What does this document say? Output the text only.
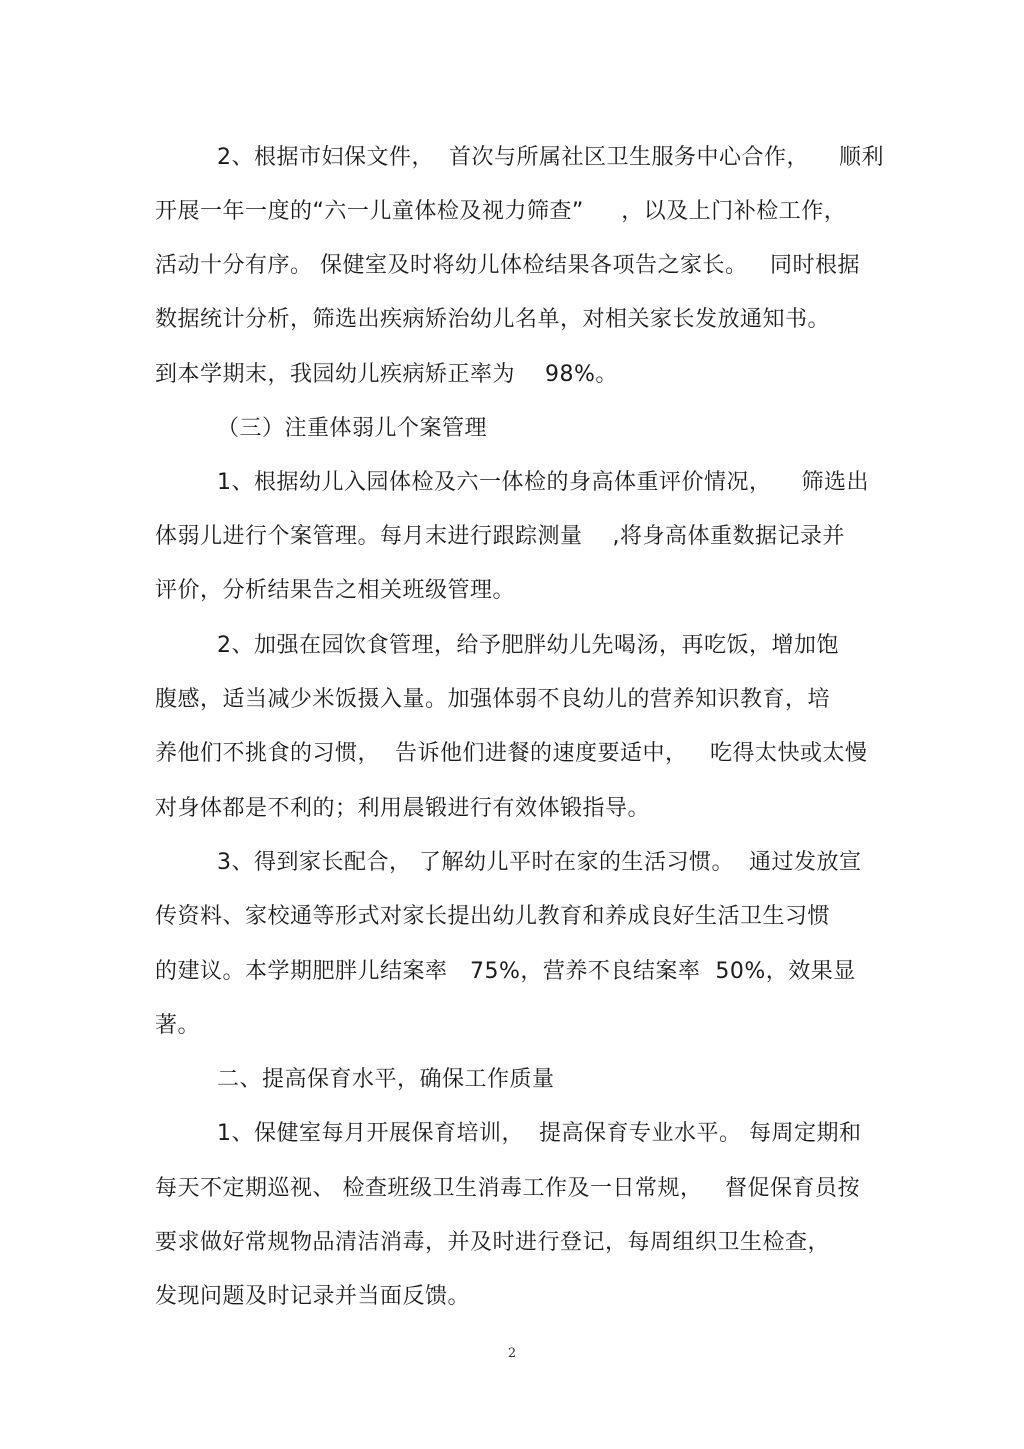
2、根据市妇保文件，  首次与所属社区卫生服务中心合作，    顺利
开展一年一度的“六一儿童体检及视力筛查”     ，以及上门补检工作，
活动十分有序。 保健室及时将幼儿体检结果各项告之家长。   同时根据
数据统计分析，筛选出疾病矫治幼儿名单，对相关家长发放通知书。
到本学期末，我园幼儿疾病矫正率为    98%。
（三）注重体弱儿个案管理
1、根据幼儿入园体检及六一体检的身高体重评价情况，    筛选出
体弱儿进行个案管理。每月末进行跟踪测量    ,将身高体重数据记录并
评价，分析结果告之相关班级管理。
2、加强在园饮食管理，给予肥胖幼儿先喝汤，再吃饭，增加饱
腹感，适当减少米饭摄入量。加强体弱不良幼儿的营养知识教育，培
养他们不挑食的习惯，  告诉他们进餐的速度要适中，   吃得太快或太慢
对身体都是不利的；利用晨锻进行有效体锻指导。
3、得到家长配合， 了解幼儿平时在家的生活习惯。  通过发放宣
传资料、家校通等形式对家长提出幼儿教育和养成良好生活卫生习惯
的建议。本学期肥胖儿结案率   75%，营养不良结案率  50%，效果显
著。
二、提高保育水平，确保工作质量
1、保健室每月开展保育培训，  提高保育专业水平。 每周定期和
每天不定期巡视、 检查班级卫生消毒工作及一日常规，   督促保育员按
要求做好常规物品清洁消毒，并及时进行登记，每周组织卫生检查，
发现问题及时记录并当面反馈。
2
